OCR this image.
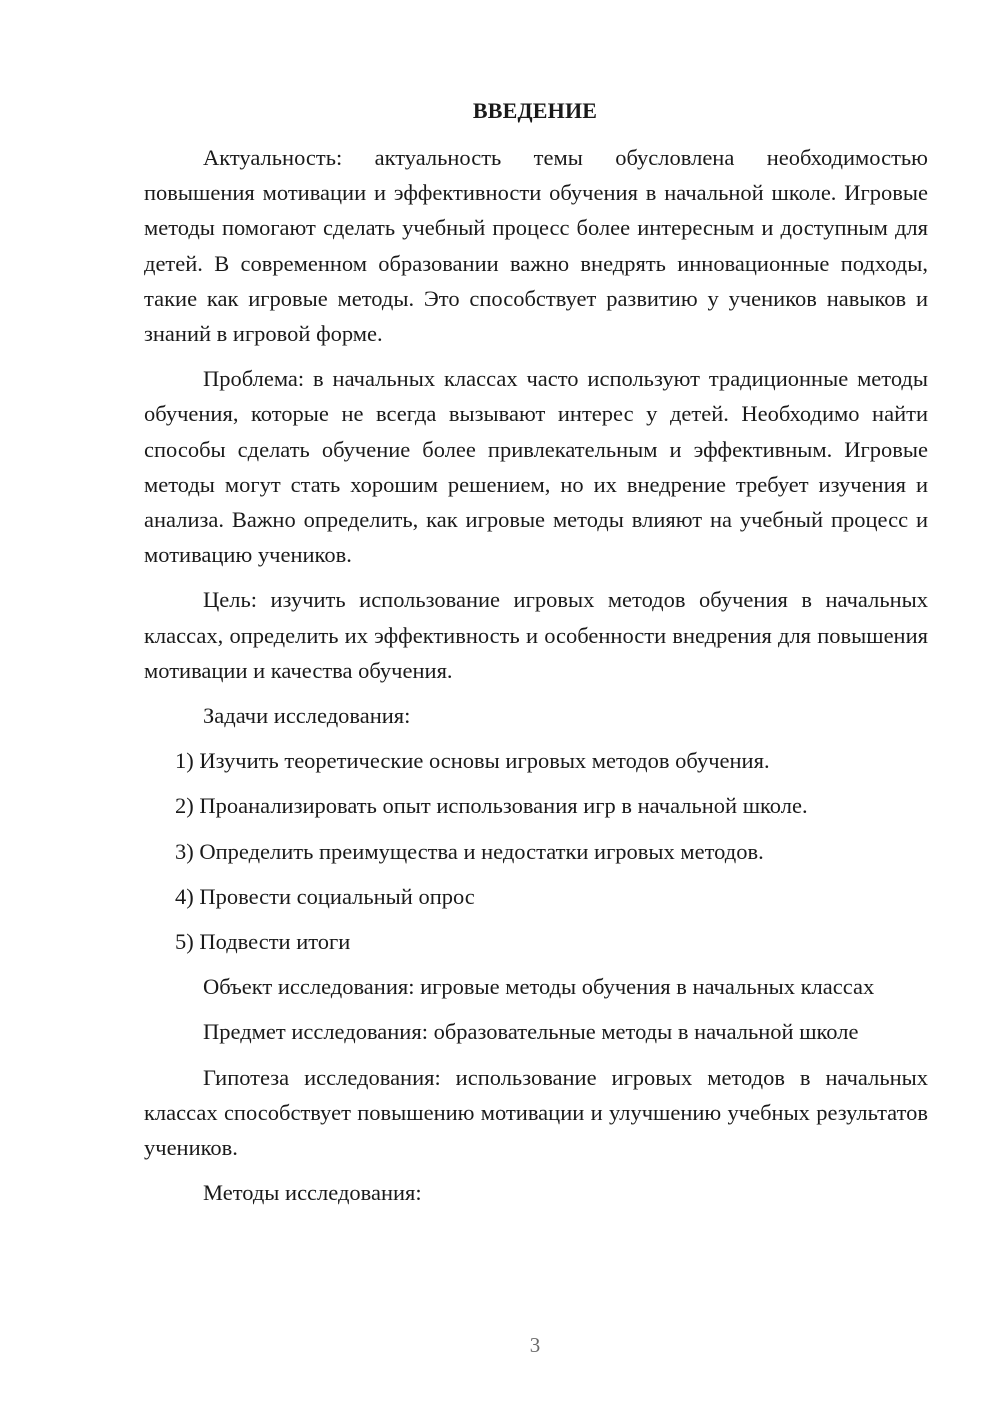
ВВЕДЕНИЕ

Актуальность: актуальность темы обусловлена необходимостью повышения мотивации и эффективности обучения в начальной школе. Игровые методы помогают сделать учебный процесс более интересным и доступным для детей. В современном образовании важно внедрять инновационные подходы, такие как игровые методы. Это способствует развитию у учеников навыков и знаний в игровой форме.

Проблема: в начальных классах часто используют традиционные методы обучения, которые не всегда вызывают интерес у детей. Необходимо найти способы сделать обучение более привлекательным и эффективным. Игровые методы могут стать хорошим решением, но их внедрение требует изучения и анализа. Важно определить, как игровые методы влияют на учебный процесс и мотивацию учеников.

Цель: изучить использование игровых методов обучения в начальных классах, определить их эффективность и особенности внедрения для повышения мотивации и качества обучения.

Задачи исследования:

1) Изучить теоретические основы игровых методов обучения.
2) Проанализировать опыт использования игр в начальной школе.
3) Определить преимущества и недостатки игровых методов.
4) Провести социальный опрос
5) Подвести итоги

Объект исследования: игровые методы обучения в начальных классах

Предмет исследования: образовательные методы в начальной школе

Гипотеза исследования: использование игровых методов в начальных классах способствует повышению мотивации и улучшению учебных результатов учеников.

Методы исследования:

3
